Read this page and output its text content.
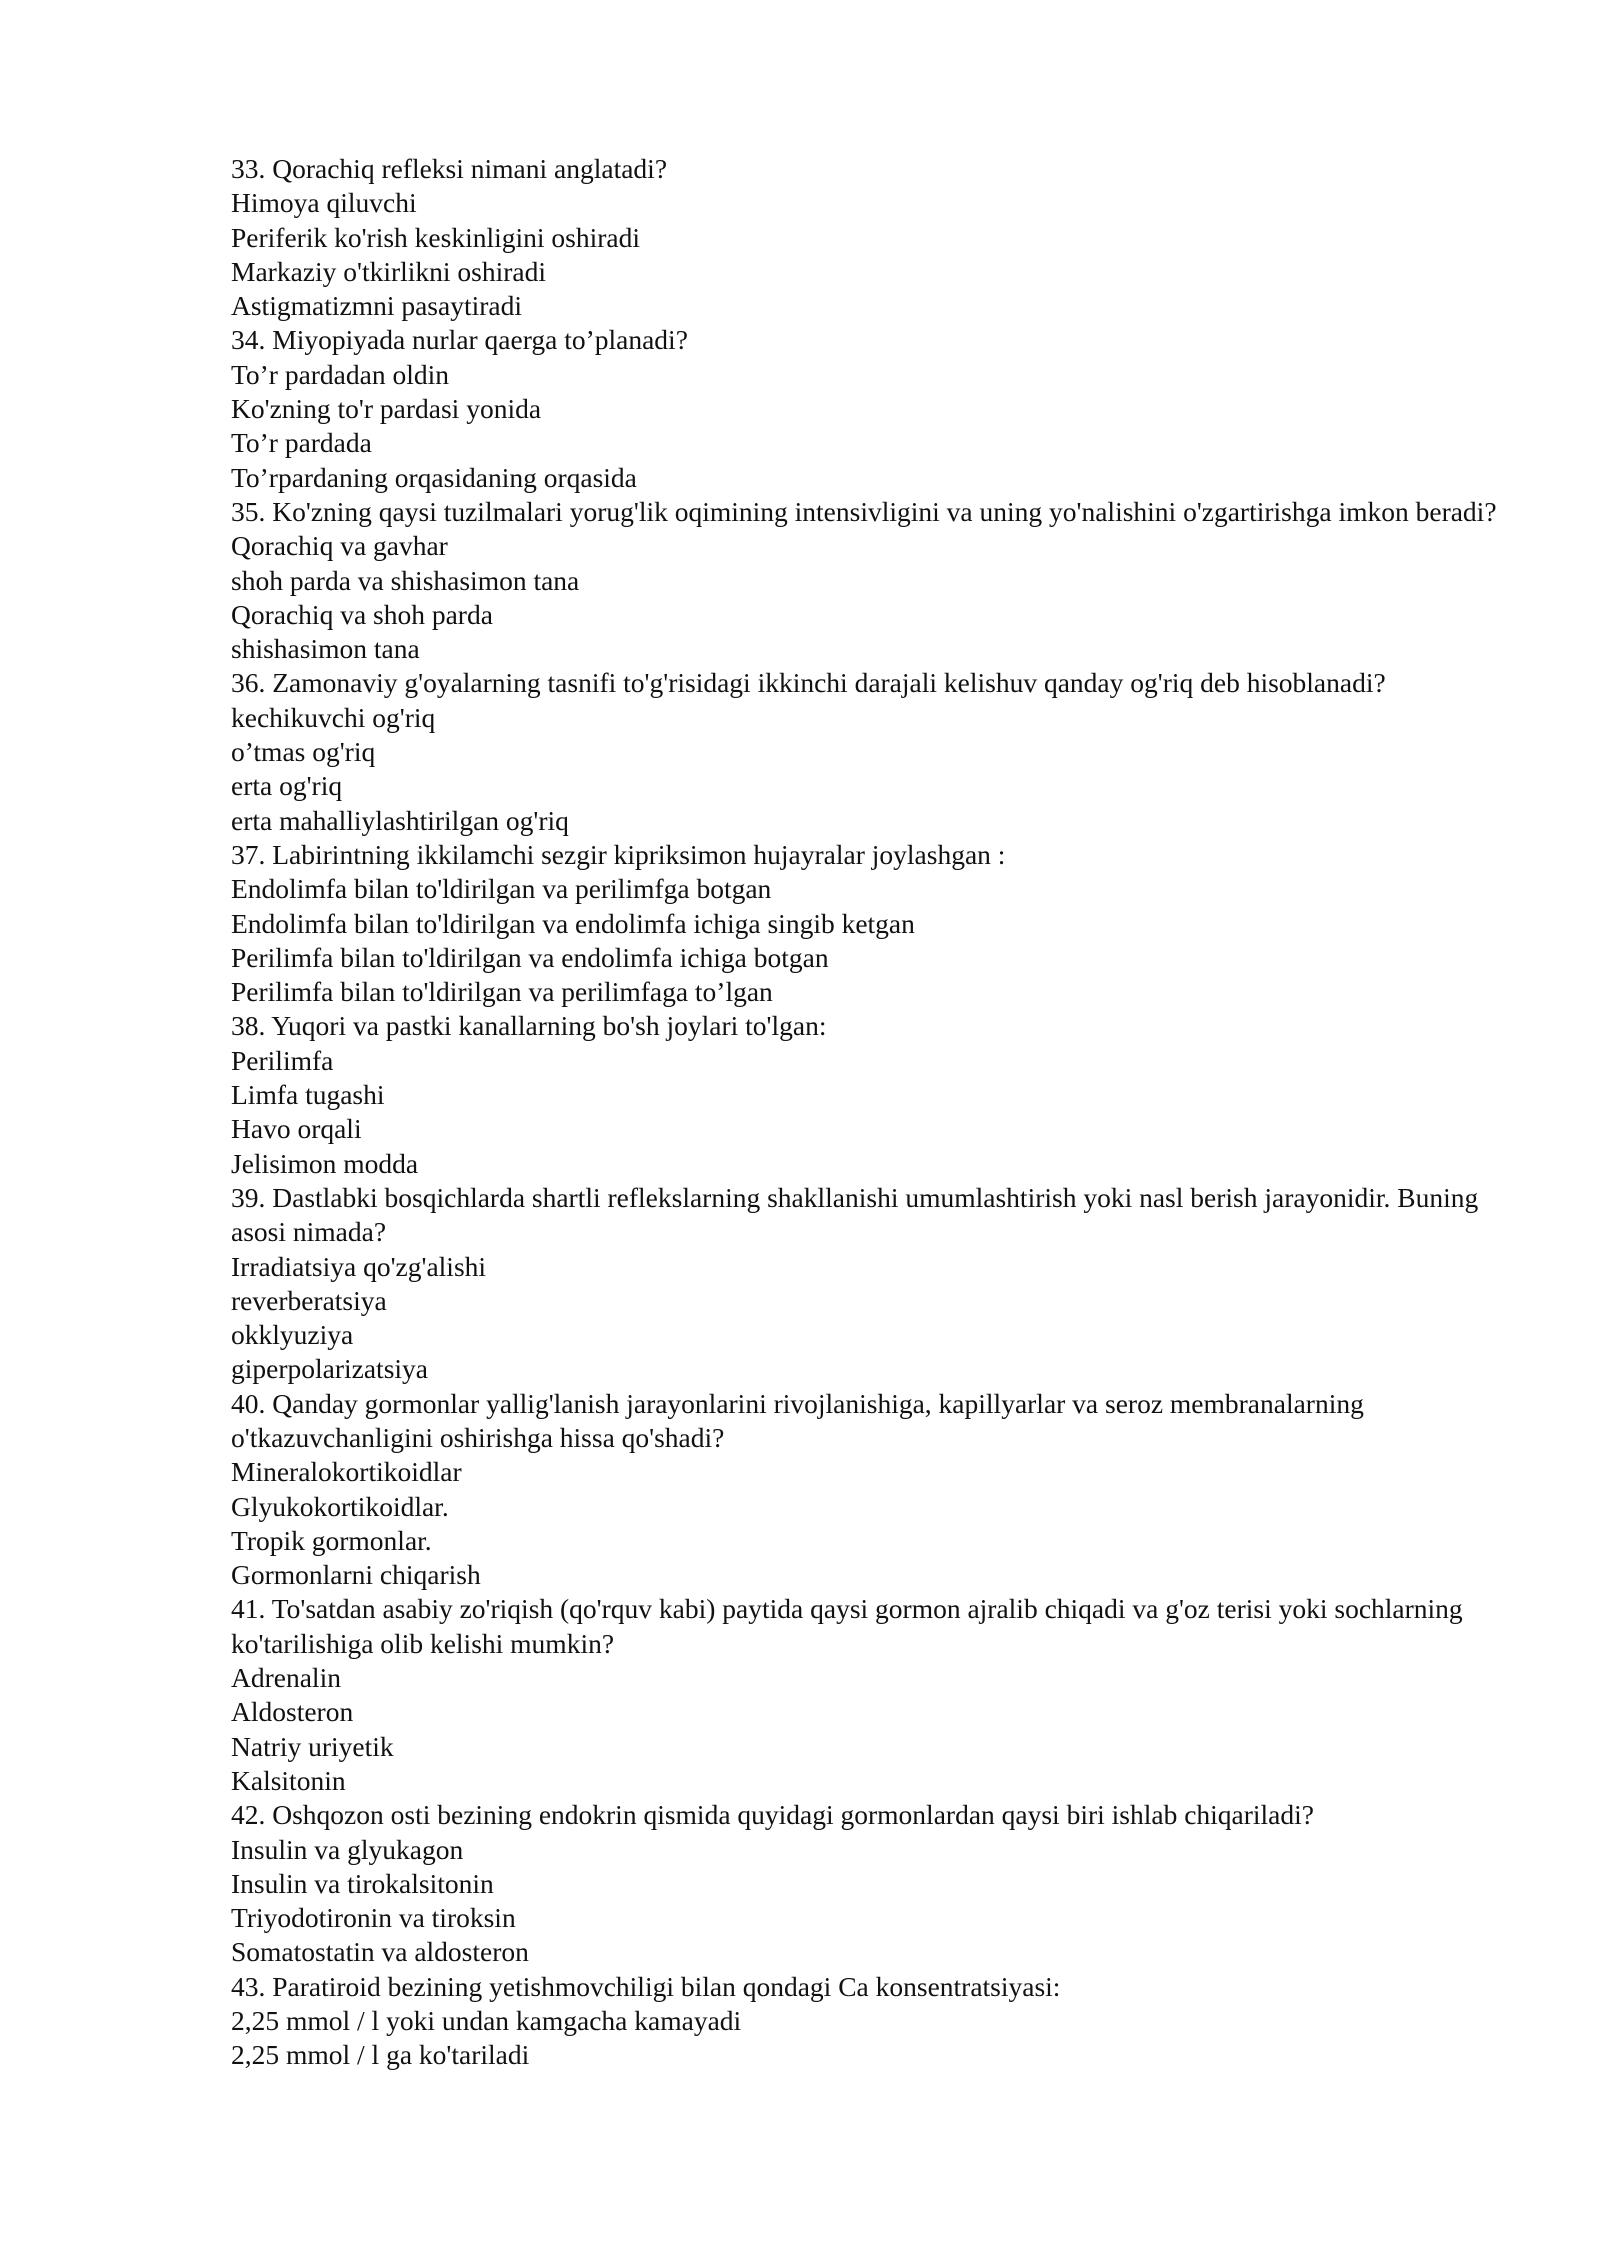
33. Qorachiq refleksi nimani anglatadi?
Himoya qiluvchi
Periferik ko'rish keskinligini oshiradi
Markaziy o'tkirlikni oshiradi
Astigmatizmni pasaytiradi
34. Miyopiyada nurlar qaerga to’planadi?
To’r pardadan oldin
Ko'zning to'r pardasi yonida
To’r pardada
To’rpardaning orqasidaning orqasida
35. Ko'zning qaysi tuzilmalari yorug'lik oqimining intensivligini va uning yo'nalishini o'zgartirishga imkon beradi?
Qorachiq va gavhar
shoh parda va shishasimon tana
Qorachiq va shoh parda
shishasimon tana
36. Zamonaviy g'oyalarning tasnifi to'g'risidagi ikkinchi darajali kelishuv qanday og'riq deb hisoblanadi?
kechikuvchi og'riq
o’tmas og'riq
erta og'riq
erta mahalliylashtirilgan og'riq
37. Labirintning ikkilamchi sezgir kipriksimon hujayralar joylashgan :
Endolimfa bilan to'ldirilgan va perilimfga botgan
Endolimfa bilan to'ldirilgan va endolimfa ichiga singib ketgan
Perilimfa bilan to'ldirilgan va endolimfa ichiga botgan
Perilimfa bilan to'ldirilgan va perilimfaga to’lgan
38. Yuqori va pastki kanallarning bo'sh joylari to'lgan:
Perilimfa
Limfa tugashi
Havo orqali
Jelisimon modda
39. Dastlabki bosqichlarda shartli reflekslarning shakllanishi umumlashtirish yoki nasl berish jarayonidir. Buning asosi nimada?
Irradiatsiya qo'zg'alishi
reverberatsiya
okklyuziya
giperpolarizatsiya
40. Qanday gormonlar yallig'lanish jarayonlarini rivojlanishiga, kapillyarlar va seroz membranalarning o'tkazuvchanligini oshirishga hissa qo'shadi?
Mineralokortikoidlar
Glyukokortikoidlar.
Tropik gormonlar.
Gormonlarni chiqarish
41. To'satdan asabiy zo'riqish (qo'rquv kabi) paytida qaysi gormon ajralib chiqadi va g'oz terisi yoki sochlarning ko'tarilishiga olib kelishi mumkin?
Adrenalin
Aldosteron
Natriy uriyetik
Kalsitonin
42. Oshqozon osti bezining endokrin qismida quyidagi gormonlardan qaysi biri ishlab chiqariladi?
Insulin va glyukagon
Insulin va tirokalsitonin
Triyodotironin va tiroksin
Somatostatin va aldosteron
43. Paratiroid bezining yetishmovchiligi bilan qondagi Ca konsentratsiyasi:
2,25 mmol / l yoki undan kamgacha kamayadi
2,25 mmol / l ga ko'tariladi
